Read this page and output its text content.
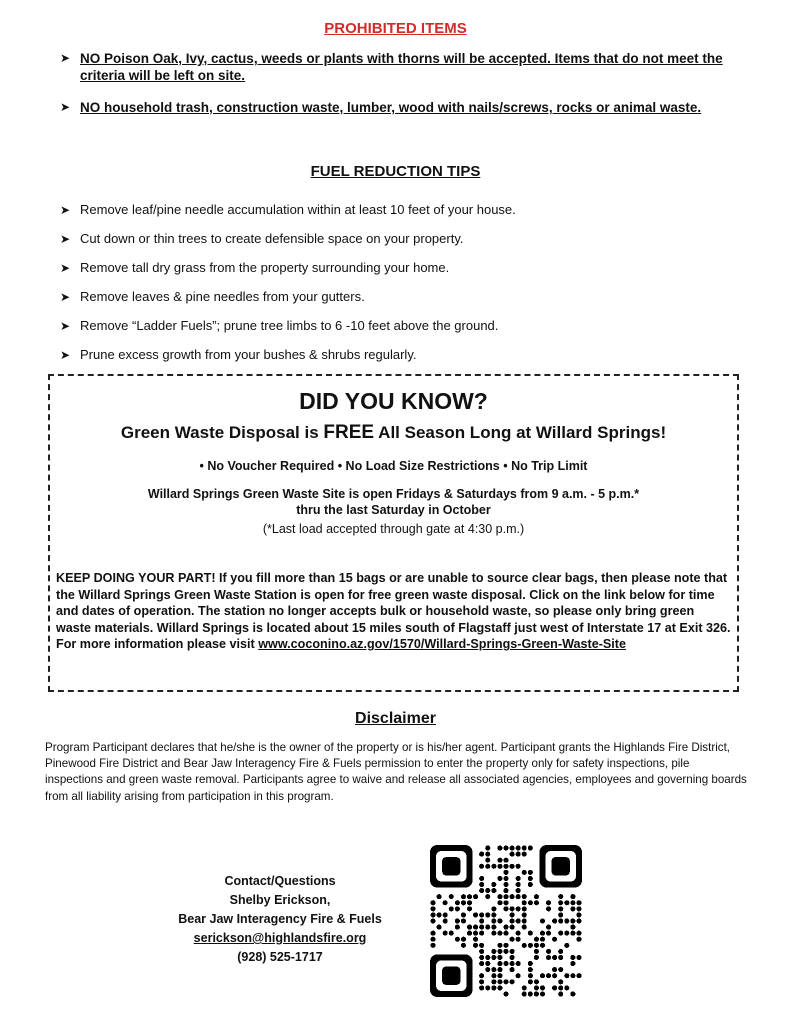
PROHIBITED ITEMS
➤ NO Poison Oak, Ivy, cactus, weeds or plants with thorns will be accepted. Items that do not meet the criteria will be left on site.
➤ NO household trash, construction waste, lumber, wood with nails/screws, rocks or animal waste.
FUEL REDUCTION TIPS
➤ Remove leaf/pine needle accumulation within at least 10 feet of your house.
➤ Cut down or thin trees to create defensible space on your property.
➤ Remove tall dry grass from the property surrounding your home.
➤ Remove leaves & pine needles from your gutters.
➤ Remove “Ladder Fuels”; prune tree limbs to 6 -10 feet above the ground.
➤ Prune excess growth from your bushes & shrubs regularly.
DID YOU KNOW?
Green Waste Disposal is FREE All Season Long at Willard Springs!
• No Voucher Required • No Load Size Restrictions • No Trip Limit
Willard Springs Green Waste Site is open Fridays & Saturdays from 9 a.m. - 5 p.m.*
thru the last Saturday in October
(*Last load accepted through gate at 4:30 p.m.)
KEEP DOING YOUR PART! If you fill more than 15 bags or are unable to source clear bags, then please note that the Willard Springs Green Waste Station is open for free green waste disposal. Click on the link below for time and dates of operation. The station no longer accepts bulk or household waste, so please only bring green waste materials. Willard Springs is located about 15 miles south of Flagstaff just west of Interstate 17 at Exit 326. For more information please visit www.coconino.az.gov/1570/Willard-Springs-Green-Waste-Site
Disclaimer
Program Participant declares that he/she is the owner of the property or is his/her agent. Participant grants the Highlands Fire District, Pinewood Fire District and Bear Jaw Interagency Fire & Fuels permission to enter the property only for safety inspections, pile inspections and green waste removal. Participants agree to waive and release all associated agencies, employees and governing boards from all liability arising from participation in this program.
Contact/Questions
Shelby Erickson,
Bear Jaw Interagency Fire & Fuels
serickson@highlandsfire.org
(928) 525-1717
